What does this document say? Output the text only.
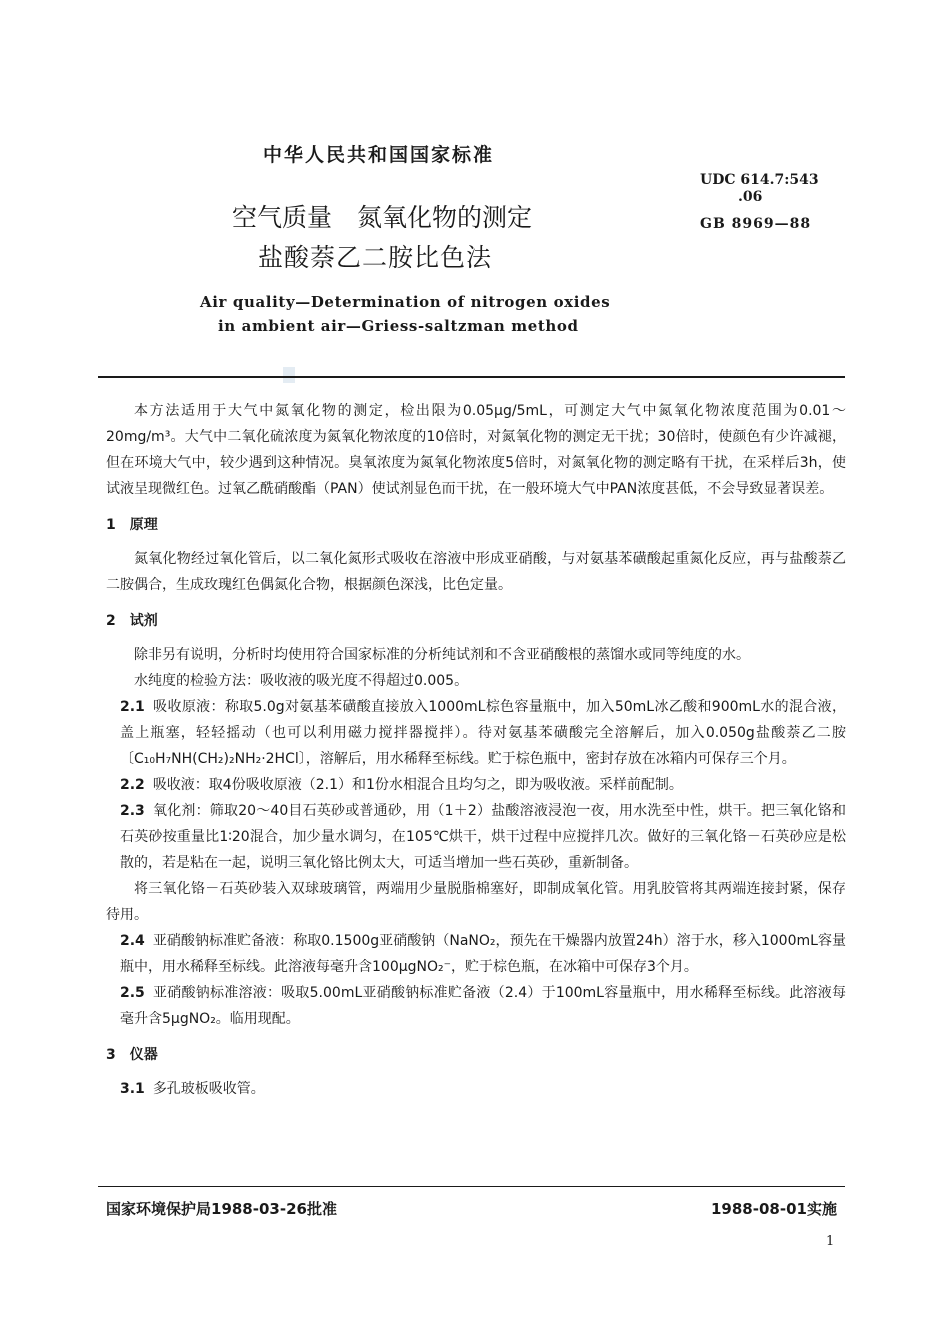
中华人民共和国国家标准
UDC 614.7:543
.06
GB 8969—88
空气质量　氮氧化物的测定
盐酸萘乙二胺比色法
Air quality—Determination of nitrogen oxides
in ambient air—Griess-saltzman method

本方法适用于大气中氮氧化物的测定，检出限为0.05μg/5mL，可测定大气中氮氧化物浓度范围为0.01～20mg/m³。大气中二氧化硫浓度为氮氧化物浓度的10倍时，对氮氧化物的测定无干扰；30倍时，使颜色有少许减褪，但在环境大气中，较少遇到这种情况。臭氧浓度为氮氧化物浓度5倍时，对氮氧化物的测定略有干扰，在采样后3h，使试液呈现微红色。过氧乙酰硝酸酯（PAN）使试剂显色而干扰，在一般环境大气中PAN浓度甚低，不会导致显著误差。

1　原理

氮氧化物经过氧化管后，以二氧化氮形式吸收在溶液中形成亚硝酸，与对氨基苯磺酸起重氮化反应，再与盐酸萘乙二胺偶合，生成玫瑰红色偶氮化合物，根据颜色深浅，比色定量。

2　试剂

除非另有说明，分析时均使用符合国家标准的分析纯试剂和不含亚硝酸根的蒸馏水或同等纯度的水。

水纯度的检验方法：吸收液的吸光度不得超过0.005。

2.1 吸收原液：称取5.0g对氨基苯磺酸直接放入1000mL棕色容量瓶中，加入50mL冰乙酸和900mL水的混合液，盖上瓶塞，轻轻摇动（也可以利用磁力搅拌器搅拌）。待对氨基苯磺酸完全溶解后，加入0.050g盐酸萘乙二胺〔C₁₀H₇NH(CH₂)₂NH₂·2HCl〕，溶解后，用水稀释至标线。贮于棕色瓶中，密封存放在冰箱内可保存三个月。

2.2 吸收液：取4份吸收原液（2.1）和1份水相混合且均匀之，即为吸收液。采样前配制。

2.3 氧化剂：筛取20～40目石英砂或普通砂，用（1＋2）盐酸溶液浸泡一夜，用水洗至中性，烘干。把三氧化铬和石英砂按重量比1∶20混合，加少量水调匀，在105℃烘干，烘干过程中应搅拌几次。做好的三氧化铬－石英砂应是松散的，若是粘在一起，说明三氧化铬比例太大，可适当增加一些石英砂，重新制备。

将三氧化铬－石英砂装入双球玻璃管，两端用少量脱脂棉塞好，即制成氧化管。用乳胶管将其两端连接封紧，保存待用。

2.4 亚硝酸钠标准贮备液：称取0.1500g亚硝酸钠（NaNO₂，预先在干燥器内放置24h）溶于水，移入1000mL容量瓶中，用水稀释至标线。此溶液每毫升含100μgNO₂⁻，贮于棕色瓶，在冰箱中可保存3个月。

2.5 亚硝酸钠标准溶液：吸取5.00mL亚硝酸钠标准贮备液（2.4）于100mL容量瓶中，用水稀释至标线。此溶液每毫升含5μgNO₂。临用现配。

3　仪器

3.1 多孔玻板吸收管。

国家环境保护局1988-03-26批准	1988-08-01实施
1
